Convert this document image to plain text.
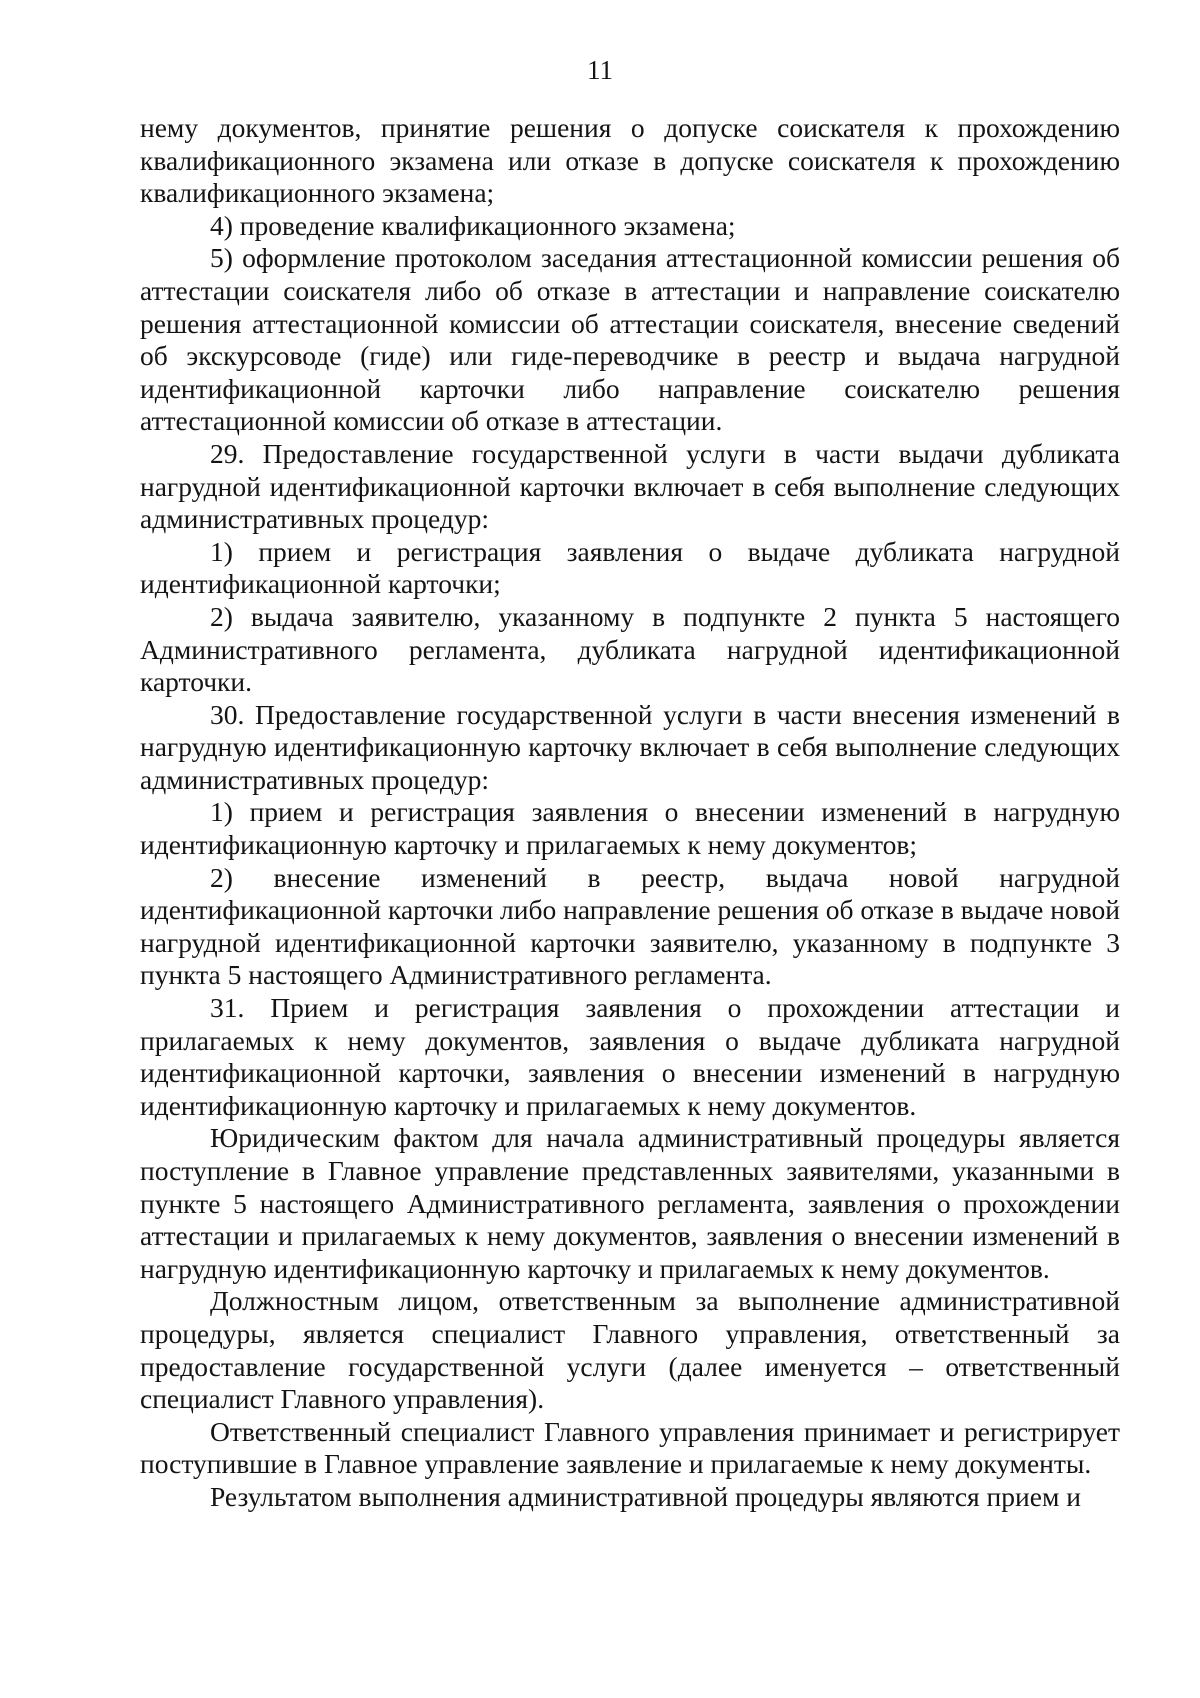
11

нему документов, принятие решения о допуске соискателя к прохождению квалификационного экзамена или отказе в допуске соискателя к прохождению квалификационного экзамена;

4) проведение квалификационного экзамена;

5) оформление протоколом заседания аттестационной комиссии решения об аттестации соискателя либо об отказе в аттестации и направление соискателю решения аттестационной комиссии об аттестации соискателя, внесение сведений об экскурсоводе (гиде) или гиде-переводчике в реестр и выдача нагрудной идентификационной карточки либо направление соискателю решения аттестационной комиссии об отказе в аттестации.

29. Предоставление государственной услуги в части выдачи дубликата нагрудной идентификационной карточки включает в себя выполнение следующих административных процедур:

1) прием и регистрация заявления о выдаче дубликата нагрудной идентификационной карточки;

2) выдача заявителю, указанному в подпункте 2 пункта 5 настоящего Административного регламента, дубликата нагрудной идентификационной карточки.

30. Предоставление государственной услуги в части внесения изменений в нагрудную идентификационную карточку включает в себя выполнение следующих административных процедур:

1) прием и регистрация заявления о внесении изменений в нагрудную идентификационную карточку и прилагаемых к нему документов;

2) внесение изменений в реестр, выдача новой нагрудной идентификационной карточки либо направление решения об отказе в выдаче новой нагрудной идентификационной карточки заявителю, указанному в подпункте 3 пункта 5 настоящего Административного регламента.

31. Прием и регистрация заявления о прохождении аттестации и прилагаемых к нему документов, заявления о выдаче дубликата нагрудной идентификационной карточки, заявления о внесении изменений в нагрудную идентификационную карточку и прилагаемых к нему документов.

Юридическим фактом для начала административный процедуры является поступление в Главное управление представленных заявителями, указанными в пункте 5 настоящего Административного регламента, заявления о прохождении аттестации и прилагаемых к нему документов, заявления о внесении изменений в нагрудную идентификационную карточку и прилагаемых к нему документов.

Должностным лицом, ответственным за выполнение административной процедуры, является специалист Главного управления, ответственный за предоставление государственной услуги (далее именуется – ответственный специалист Главного управления).

Ответственный специалист Главного управления принимает и регистрирует поступившие в Главное управление заявление и прилагаемые к нему документы.

Результатом выполнения административной процедуры являются прием и
